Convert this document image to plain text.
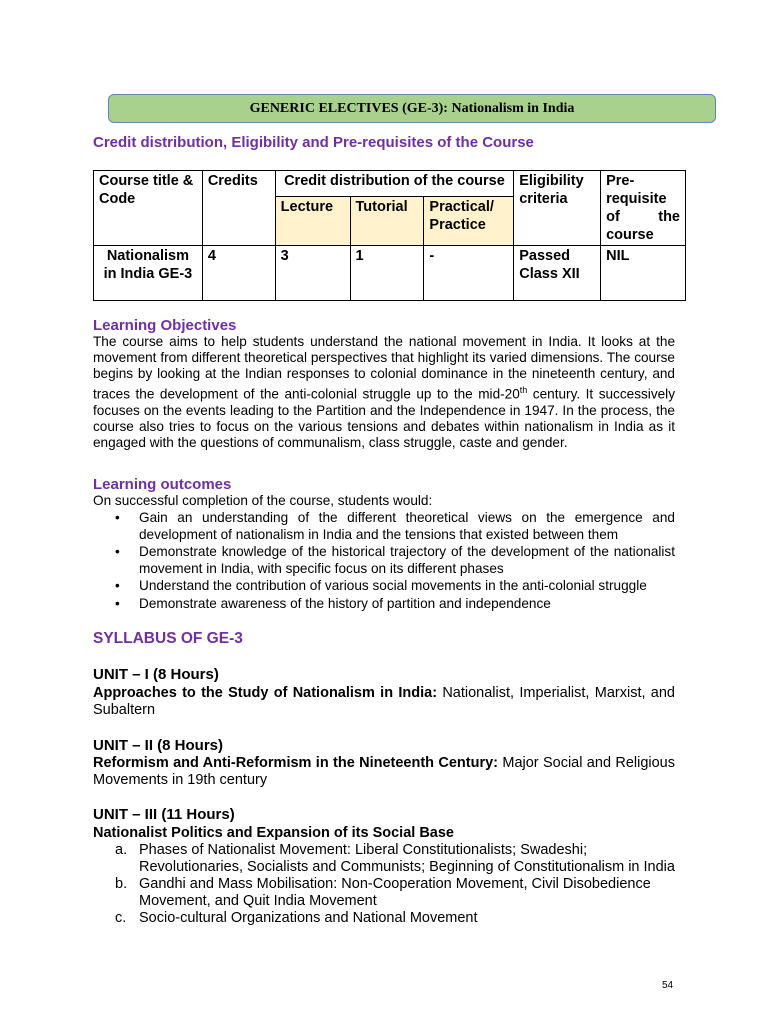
GENERIC ELECTIVES (GE-3): Nationalism in India
Credit distribution, Eligibility and Pre-requisites of the Course
Course title & Code	Credits	Credit distribution of the course			Eligibility criteria	Pre-requisite of the course
		Lecture	Tutorial	Practical/ Practice		
Nationalism in India GE-3	4	3	1	-	Passed Class XII	NIL
Learning Objectives

The course aims to help students understand the national movement in India. It looks at the movement from different theoretical perspectives that highlight its varied dimensions. The course begins by looking at the Indian responses to colonial dominance in the nineteenth century, and traces the development of the anti-colonial struggle up to the mid-20th century. It successively focuses on the events leading to the Partition and the Independence in 1947. In the process, the course also tries to focus on the various tensions and debates within nationalism in India as it engaged with the questions of communalism, class struggle, caste and gender.

Learning outcomes

On successful completion of the course, students would:

• Gain an understanding of the different theoretical views on the emergence and development of nationalism in India and the tensions that existed between them
• Demonstrate knowledge of the historical trajectory of the development of the nationalist movement in India, with specific focus on its different phases
• Understand the contribution of various social movements in the anti-colonial struggle
• Demonstrate awareness of the history of partition and independence
SYLLABUS OF GE-3
UNIT – I (8 Hours)

Approaches to the Study of Nationalism in India: Nationalist, Imperialist, Marxist, and Subaltern

UNIT – II (8 Hours)

Reformism and Anti-Reformism in the Nineteenth Century: Major Social and Religious Movements in 19th century

UNIT – III (11 Hours)

Nationalist Politics and Expansion of its Social Base

a. Phases of Nationalist Movement: Liberal Constitutionalists; Swadeshi; Revolutionaries, Socialists and Communists; Beginning of Constitutionalism in India
b. Gandhi and Mass Mobilisation: Non-Cooperation Movement, Civil Disobedience Movement, and Quit India Movement
c. Socio-cultural Organizations and National Movement
54
